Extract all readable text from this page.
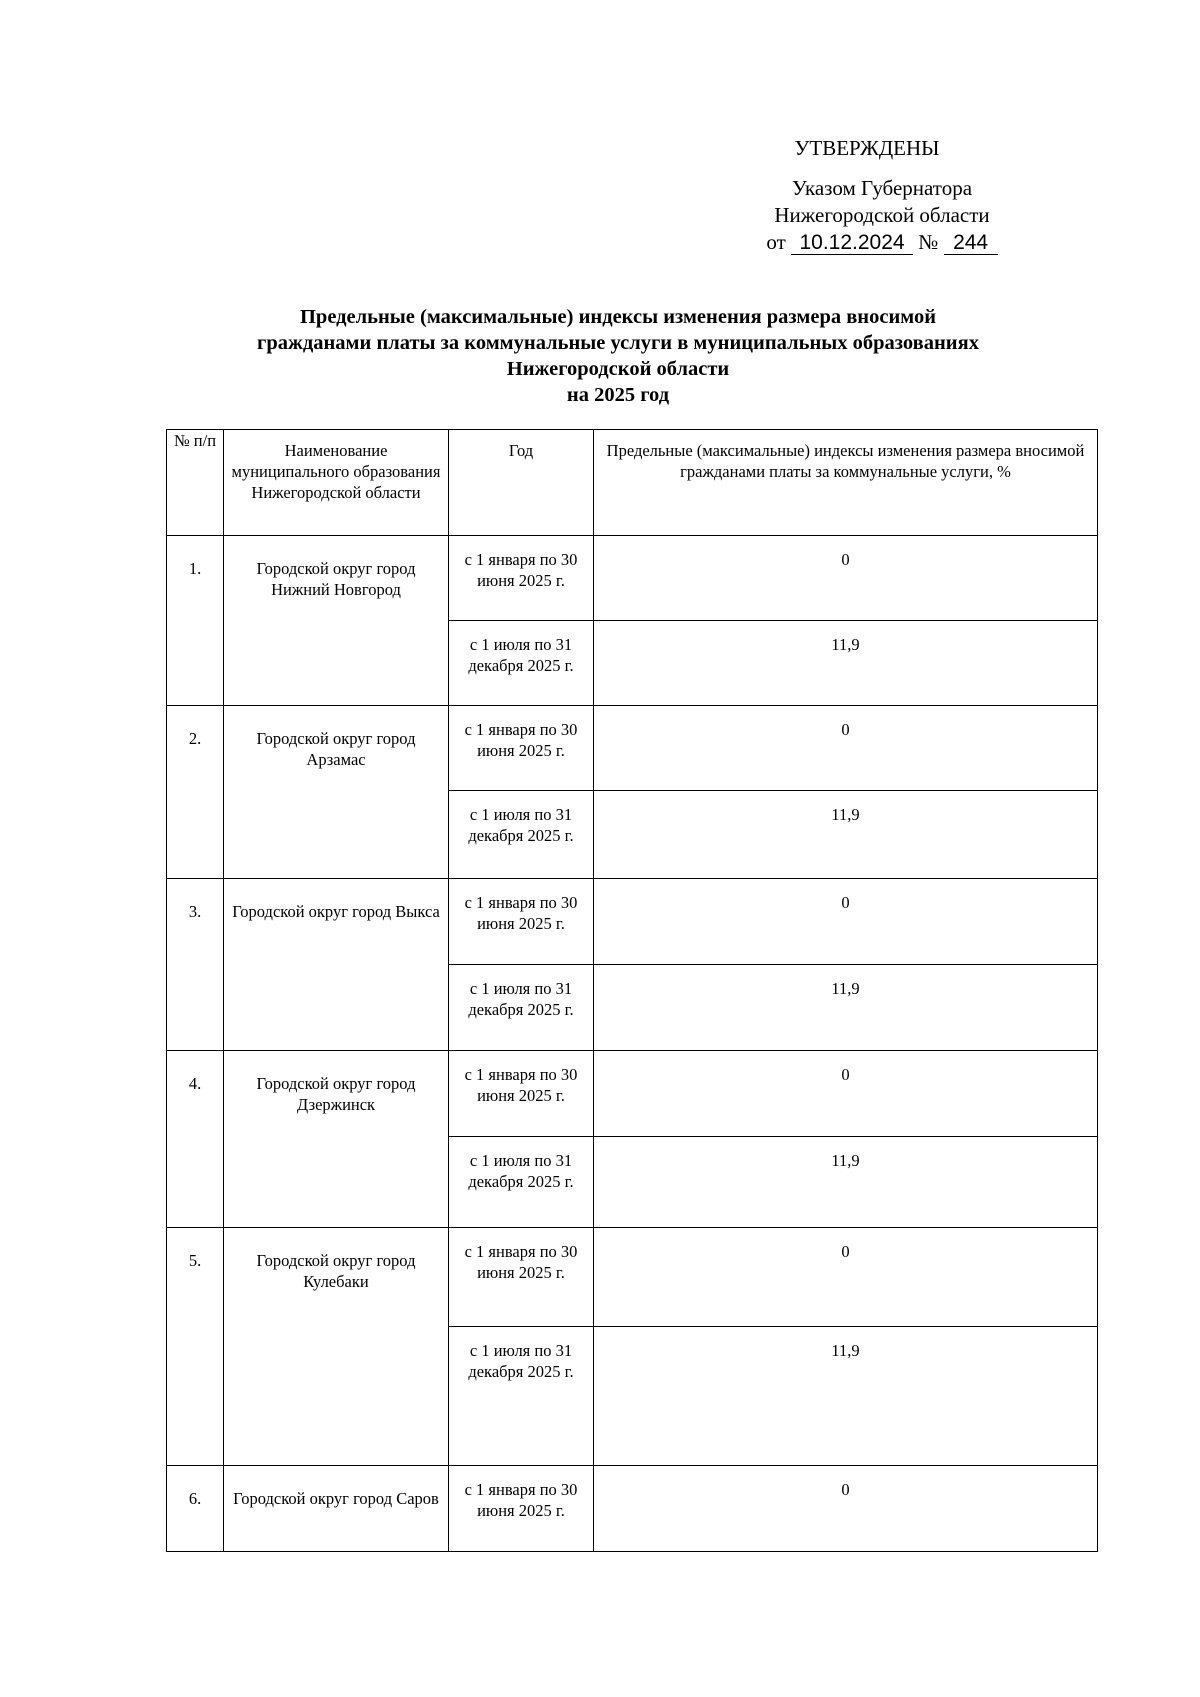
УТВЕРЖДЕНЫ
Указом Губернатора
Нижегородской области
от 10.12.2024 № 244
Предельные (максимальные) индексы изменения размера вносимой
гражданами платы за коммунальные услуги в муниципальных образованиях
Нижегородской области
на 2025 год
№ п/п	Наименование муниципального образования Нижегородской области	Год	Предельные (максимальные) индексы изменения размера вносимой гражданами платы за коммунальные услуги, %

1.	Городской округ город Нижний Новгород	с 1 января по 30 июня 2025 г.	0

		с 1 июля по 31 декабря 2025 г.	11,9

2.	Городской округ город Арзамас	с 1 января по 30 июня 2025 г.	0

		с 1 июля по 31 декабря 2025 г.	11,9

3.	Городской округ город Выкса	с 1 января по 30 июня 2025 г.	0

		с 1 июля по 31 декабря 2025 г.	11,9

4.	Городской округ город Дзержинск	с 1 января по 30 июня 2025 г.	0

		с 1 июля по 31 декабря 2025 г.	11,9

5.	Городской округ город Кулебаки	с 1 января по 30 июня 2025 г.	0

		с 1 июля по 31 декабря 2025 г.	11,9

6.	Городской округ город Саров	с 1 января по 30 июня 2025 г.	0
